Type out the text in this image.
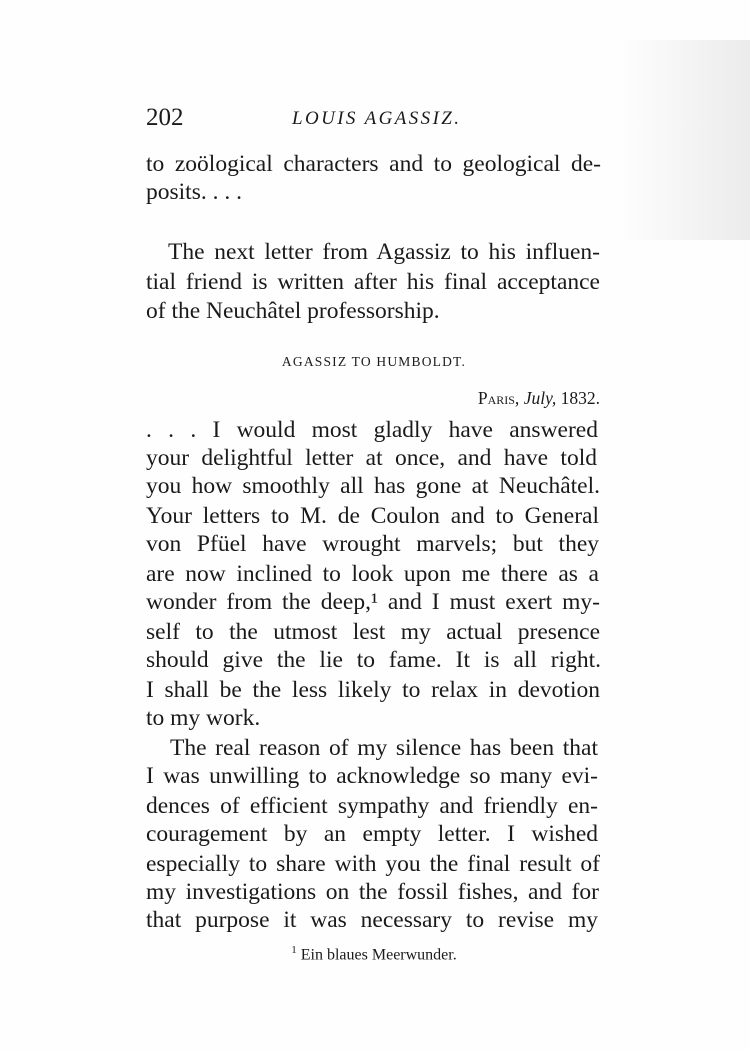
202	LOUIS AGASSIZ.
to zoölogical characters and to geological de-
posits. . . .
The next letter from Agassiz to his influen-
tial friend is written after his final acceptance
of the Neuchâtel professorship.
AGASSIZ TO HUMBOLDT.
Paris, July, 1832.
. . . I would most gladly have answered
your delightful letter at once, and have told
you how smoothly all has gone at Neuchâtel.
Your letters to M. de Coulon and to General
von Pfüel have wrought marvels; but they
are now inclined to look upon me there as a
wonder from the deep,¹ and I must exert my-
self to the utmost lest my actual presence
should give the lie to fame. It is all right.
I shall be the less likely to relax in devotion
to my work.
The real reason of my silence has been that
I was unwilling to acknowledge so many evi-
dences of efficient sympathy and friendly en-
couragement by an empty letter. I wished
especially to share with you the final result of
my investigations on the fossil fishes, and for
that purpose it was necessary to revise my
$^1$ Ein blaues Meerwunder.
